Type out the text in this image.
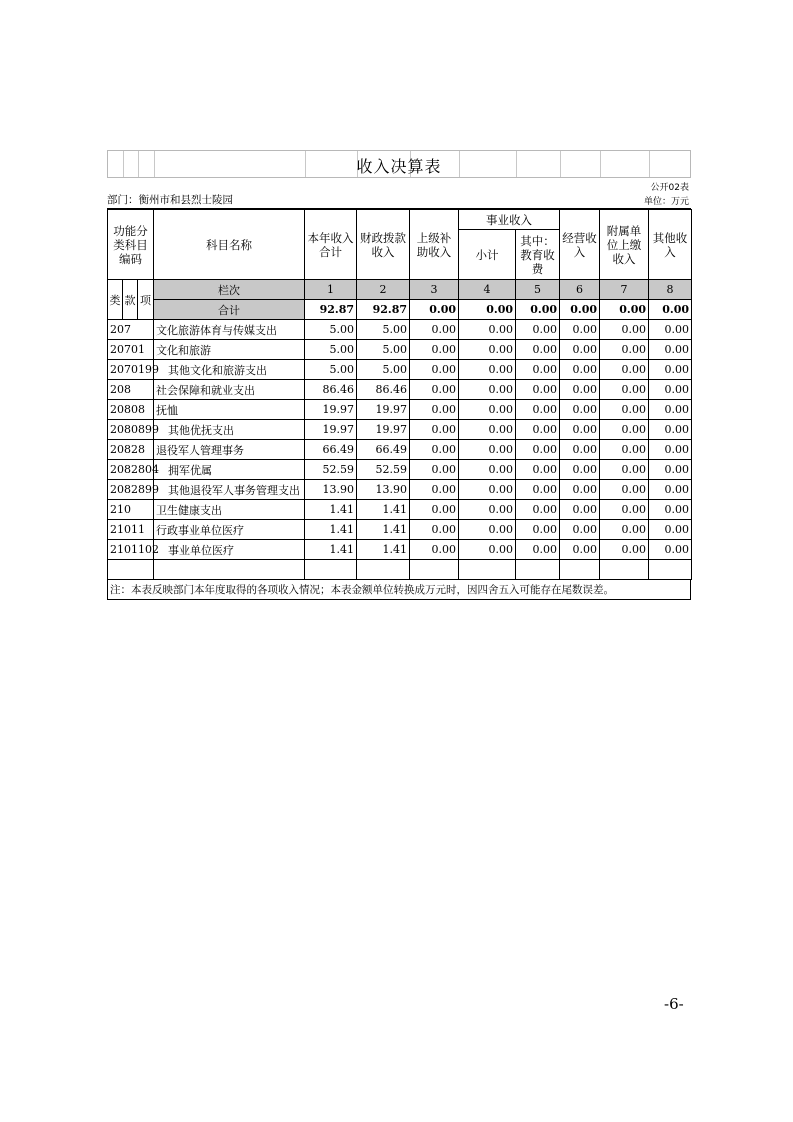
收入决算表
公开02表
部门：衡州市和县烈士陵园	单位：万元
功能分类科目编码			科目名称	本年收入合计	财政拨款收入	上级补助收入	事业收入		经营收入	附属单位上缴收入	其他收入
							小计	其中：教育收费			

类	款	项	栏次	1	2	3	4	5	6	7	8
			合计	92.87	92.87	0.00	0.00	0.00	0.00	0.00	0.00
207			文化旅游体育与传媒支出	5.00	5.00	0.00	0.00	0.00	0.00	0.00	0.00
20701			文化和旅游	5.00	5.00	0.00	0.00	0.00	0.00	0.00	0.00
2070199			其他文化和旅游支出	5.00	5.00	0.00	0.00	0.00	0.00	0.00	0.00
208			社会保障和就业支出	86.46	86.46	0.00	0.00	0.00	0.00	0.00	0.00
20808			抚恤	19.97	19.97	0.00	0.00	0.00	0.00	0.00	0.00
2080899			其他优抚支出	19.97	19.97	0.00	0.00	0.00	0.00	0.00	0.00
20828			退役军人管理事务	66.49	66.49	0.00	0.00	0.00	0.00	0.00	0.00
2082804			拥军优属	52.59	52.59	0.00	0.00	0.00	0.00	0.00	0.00
2082899			其他退役军人事务管理支出	13.90	13.90	0.00	0.00	0.00	0.00	0.00	0.00
210			卫生健康支出	1.41	1.41	0.00	0.00	0.00	0.00	0.00	0.00
21011			行政事业单位医疗	1.41	1.41	0.00	0.00	0.00	0.00	0.00	0.00
2101102			事业单位医疗	1.41	1.41	0.00	0.00	0.00	0.00	0.00	0.00

注：本表反映部门本年度取得的各项收入情况；本表金额单位转换成万元时，因四舍五入可能存在尾数误差。
-6-
